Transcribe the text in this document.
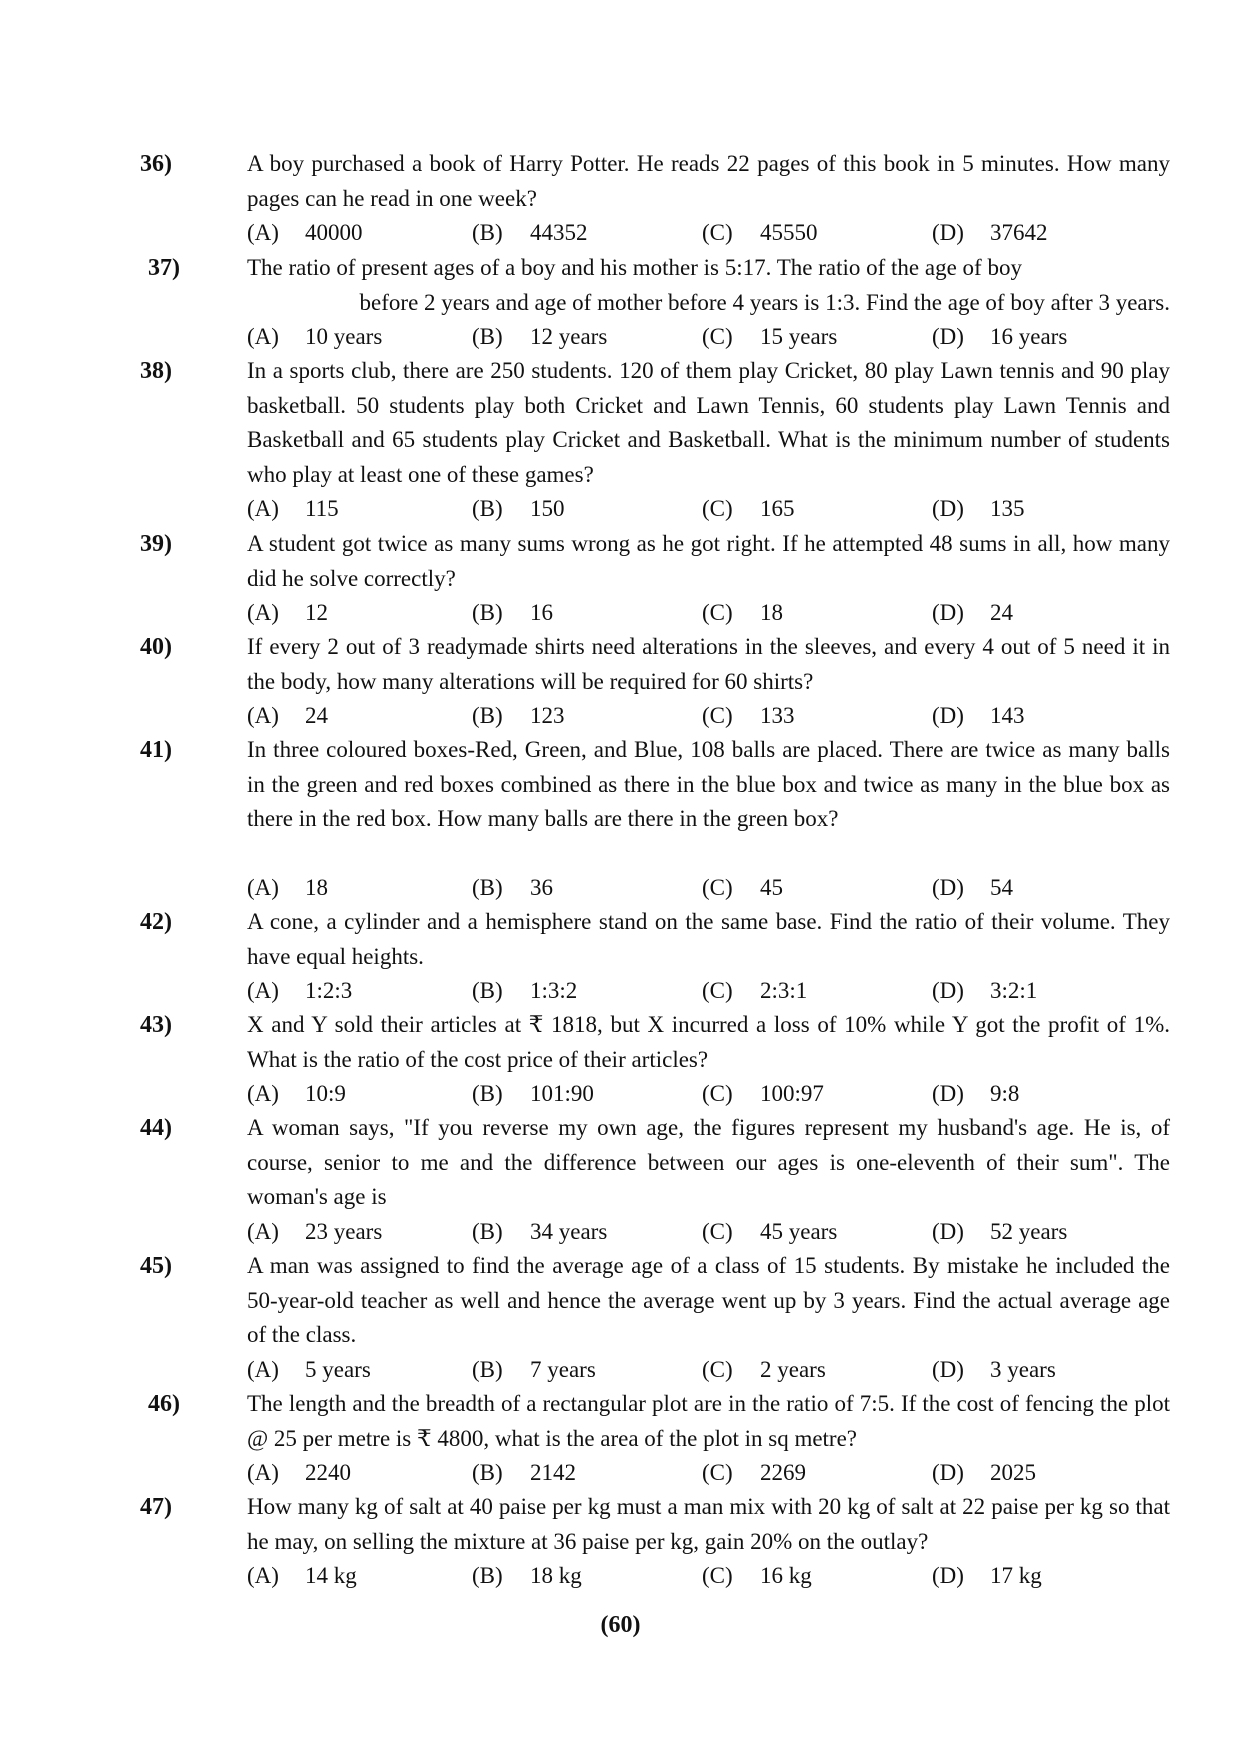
36)	A boy purchased a book of Harry Potter. He reads 22 pages of this book in 5 minutes. How many pages can he read in one week?
(A) 40000	(B) 44352	(C) 45550	(D) 37642
37)	The ratio of present ages of a boy and his mother is 5:17. The ratio of the age of boy
before 2 years and age of mother before 4 years is 1:3. Find the age of boy after 3 years.
(A) 10 years	(B) 12 years	(C) 15 years	(D) 16 years
38)	In a sports club, there are 250 students. 120 of them play Cricket, 80 play Lawn tennis and 90 play basketball. 50 students play both Cricket and Lawn Tennis, 60 students play Lawn Tennis and Basketball and 65 students play Cricket and Basketball. What is the minimum number of students who play at least one of these games?
(A) 115	(B) 150	(C) 165	(D) 135
39)	A student got twice as many sums wrong as he got right. If he attempted 48 sums in all, how many did he solve correctly?
(A) 12	(B) 16	(C) 18	(D) 24
40)	If every 2 out of 3 readymade shirts need alterations in the sleeves, and every 4 out of 5 need it in the body, how many alterations will be required for 60 shirts?
(A) 24	(B) 123	(C) 133	(D) 143
41)	In three coloured boxes-Red, Green, and Blue, 108 balls are placed. There are twice as many balls in the green and red boxes combined as there in the blue box and twice as many in the blue box as there in the red box. How many balls are there in the green box?
(A) 18	(B) 36	(C) 45	(D) 54
42)	A cone, a cylinder and a hemisphere stand on the same base. Find the ratio of their volume. They have equal heights.
(A) 1:2:3	(B) 1:3:2	(C) 2:3:1	(D) 3:2:1
43)	X and Y sold their articles at ₹ 1818, but X incurred a loss of 10% while Y got the profit of 1%. What is the ratio of the cost price of their articles?
(A) 10:9	(B) 101:90	(C) 100:97	(D) 9:8
44)	A woman says, "If you reverse my own age, the figures represent my husband's age. He is, of course, senior to me and the difference between our ages is one-eleventh of their sum". The woman's age is
(A) 23 years	(B) 34 years	(C) 45 years	(D) 52 years
45)	A man was assigned to find the average age of a class of 15 students. By mistake he included the 50-year-old teacher as well and hence the average went up by 3 years. Find the actual average age of the class.
(A) 5 years	(B) 7 years	(C) 2 years	(D) 3 years
46)	The length and the breadth of a rectangular plot are in the ratio of 7:5. If the cost of fencing the plot @ 25 per metre is ₹ 4800, what is the area of the plot in sq metre?
(A) 2240	(B) 2142	(C) 2269	(D) 2025
47)	How many kg of salt at 40 paise per kg must a man mix with 20 kg of salt at 22 paise per kg so that he may, on selling the mixture at 36 paise per kg, gain 20% on the outlay?
(A) 14 kg	(B) 18 kg	(C) 16 kg	(D) 17 kg
(60)
